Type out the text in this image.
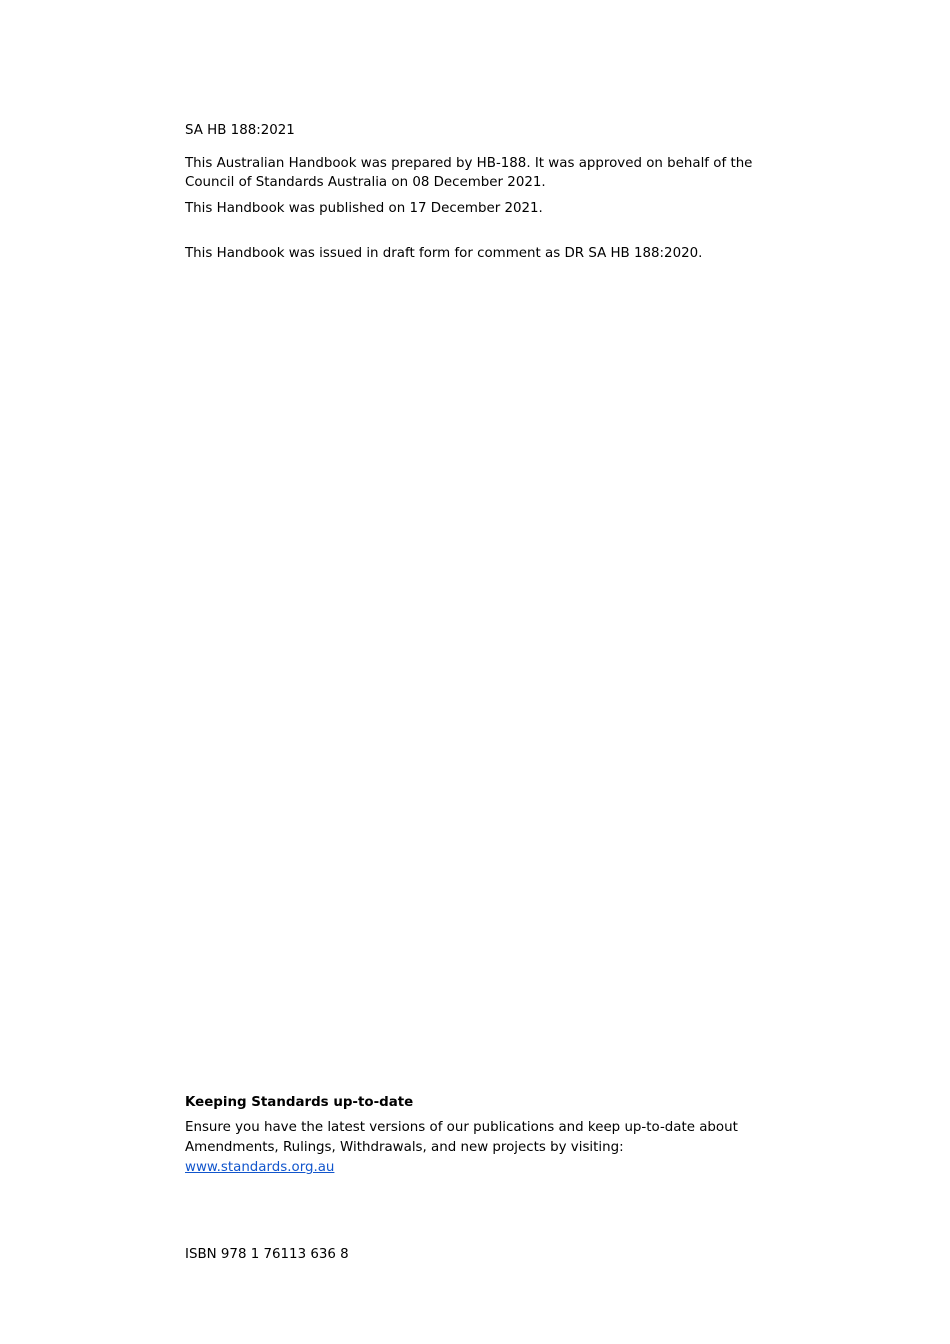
SA HB 188:2021
This Australian Handbook was prepared by HB-188. It was approved on behalf of the Council of Standards Australia on 08 December 2021.
This Handbook was published on 17 December 2021.
This Handbook was issued in draft form for comment as DR SA HB 188:2020.

Keeping Standards up-to-date

Ensure you have the latest versions of our publications and keep up-to-date about Amendments, Rulings, Withdrawals, and new projects by visiting:
www.standards.org.au

ISBN 978 1 76113 636 8
